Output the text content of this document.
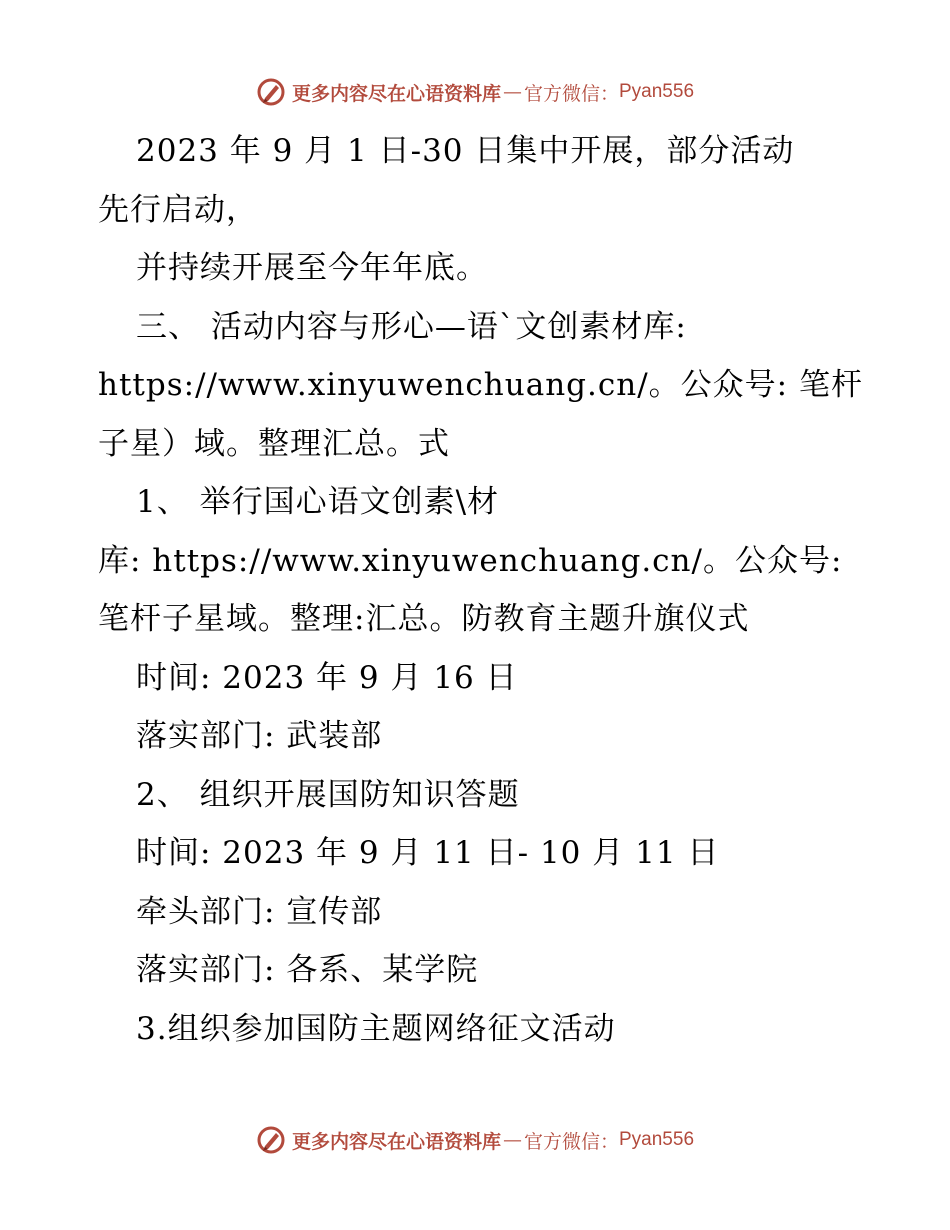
更多内容尽在心语资料库 — 官方微信： Pyan556
2023 年 9 月 1 日-30 日集中开展，部分活动
先行启动，
并持续开展至今年年底。
三、 活动内容与形心—语`文创素材库:
https://www.xinyuwenchuang.cn/。公众号: 笔杆
子星）域。整理汇总。式
1、 举行国心语文创素\材
库: https://www.xinyuwenchuang.cn/。公众号:
笔杆子星域。整理:汇总。防教育主题升旗仪式
时间: 2023 年 9 月 16 日
落实部门: 武装部
2、 组织开展国防知识答题
时间: 2023 年 9 月 11 日- 10 月 11 日
牵头部门: 宣传部
落实部门: 各系、某学院
3.组织参加国防主题网络征文活动
更多内容尽在心语资料库 — 官方微信： Pyan556
